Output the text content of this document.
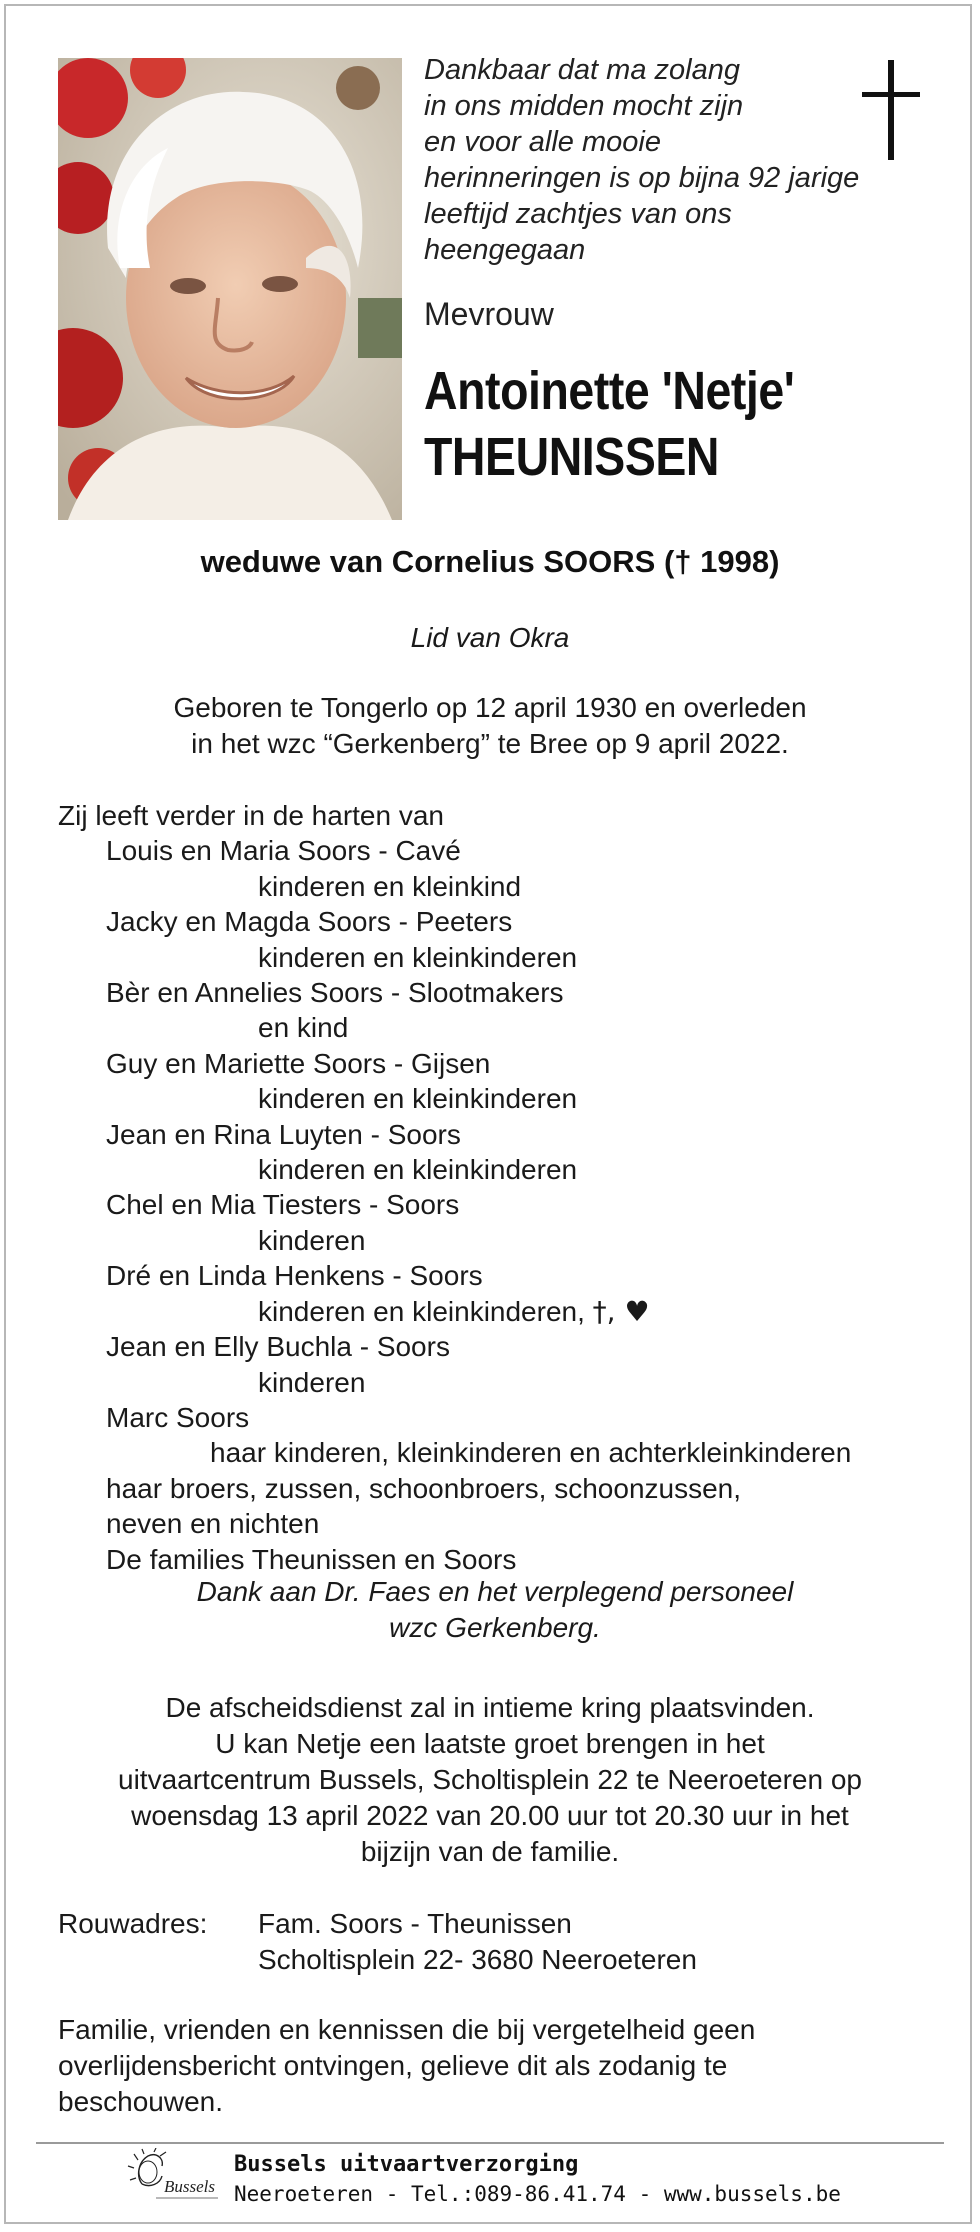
Dankbaar dat ma zolang
in ons midden mocht zijn
en voor alle mooie
herinneringen is op bijna 92 jarige
leeftijd zachtjes van ons
heengegaan
Mevrouw
Antoinette 'Netje'
THEUNISSEN
weduwe van Cornelius SOORS († 1998)
Lid van Okra
Geboren te Tongerlo op 12 april 1930 en overleden
in het wzc “Gerkenberg” te Bree op 9 april 2022.
Zij leeft verder in de harten van
Louis en Maria Soors - Cavé
kinderen en kleinkind
Jacky en Magda Soors - Peeters
kinderen en kleinkinderen
Bèr en Annelies Soors - Slootmakers
en kind
Guy en Mariette Soors - Gijsen
kinderen en kleinkinderen
Jean en Rina Luyten - Soors
kinderen en kleinkinderen
Chel en Mia Tiesters - Soors
kinderen
Dré en Linda Henkens - Soors
kinderen en kleinkinderen, †, ♥
Jean en Elly Buchla - Soors
kinderen
Marc Soors
haar kinderen, kleinkinderen en achterkleinkinderen
haar broers, zussen, schoonbroers, schoonzussen,
neven en nichten
De families Theunissen en Soors
Dank aan Dr. Faes en het verplegend personeel
wzc Gerkenberg.
De afscheidsdienst zal in intieme kring plaatsvinden.
U kan Netje een laatste groet brengen in het
uitvaartcentrum Bussels, Scholtisplein 22 te Neeroeteren op
woensdag 13 april 2022 van 20.00 uur tot 20.30 uur in het
bijzijn van de familie.
Rouwadres: Fam. Soors - Theunissen
Scholtisplein 22- 3680 Neeroeteren
Familie, vrienden en kennissen die bij vergetelheid geen
overlijdensbericht ontvingen, gelieve dit als zodanig te
beschouwen.
Bussels
Bussels uitvaartverzorging
Neeroeteren - Tel.:089-86.41.74 - www.bussels.be
